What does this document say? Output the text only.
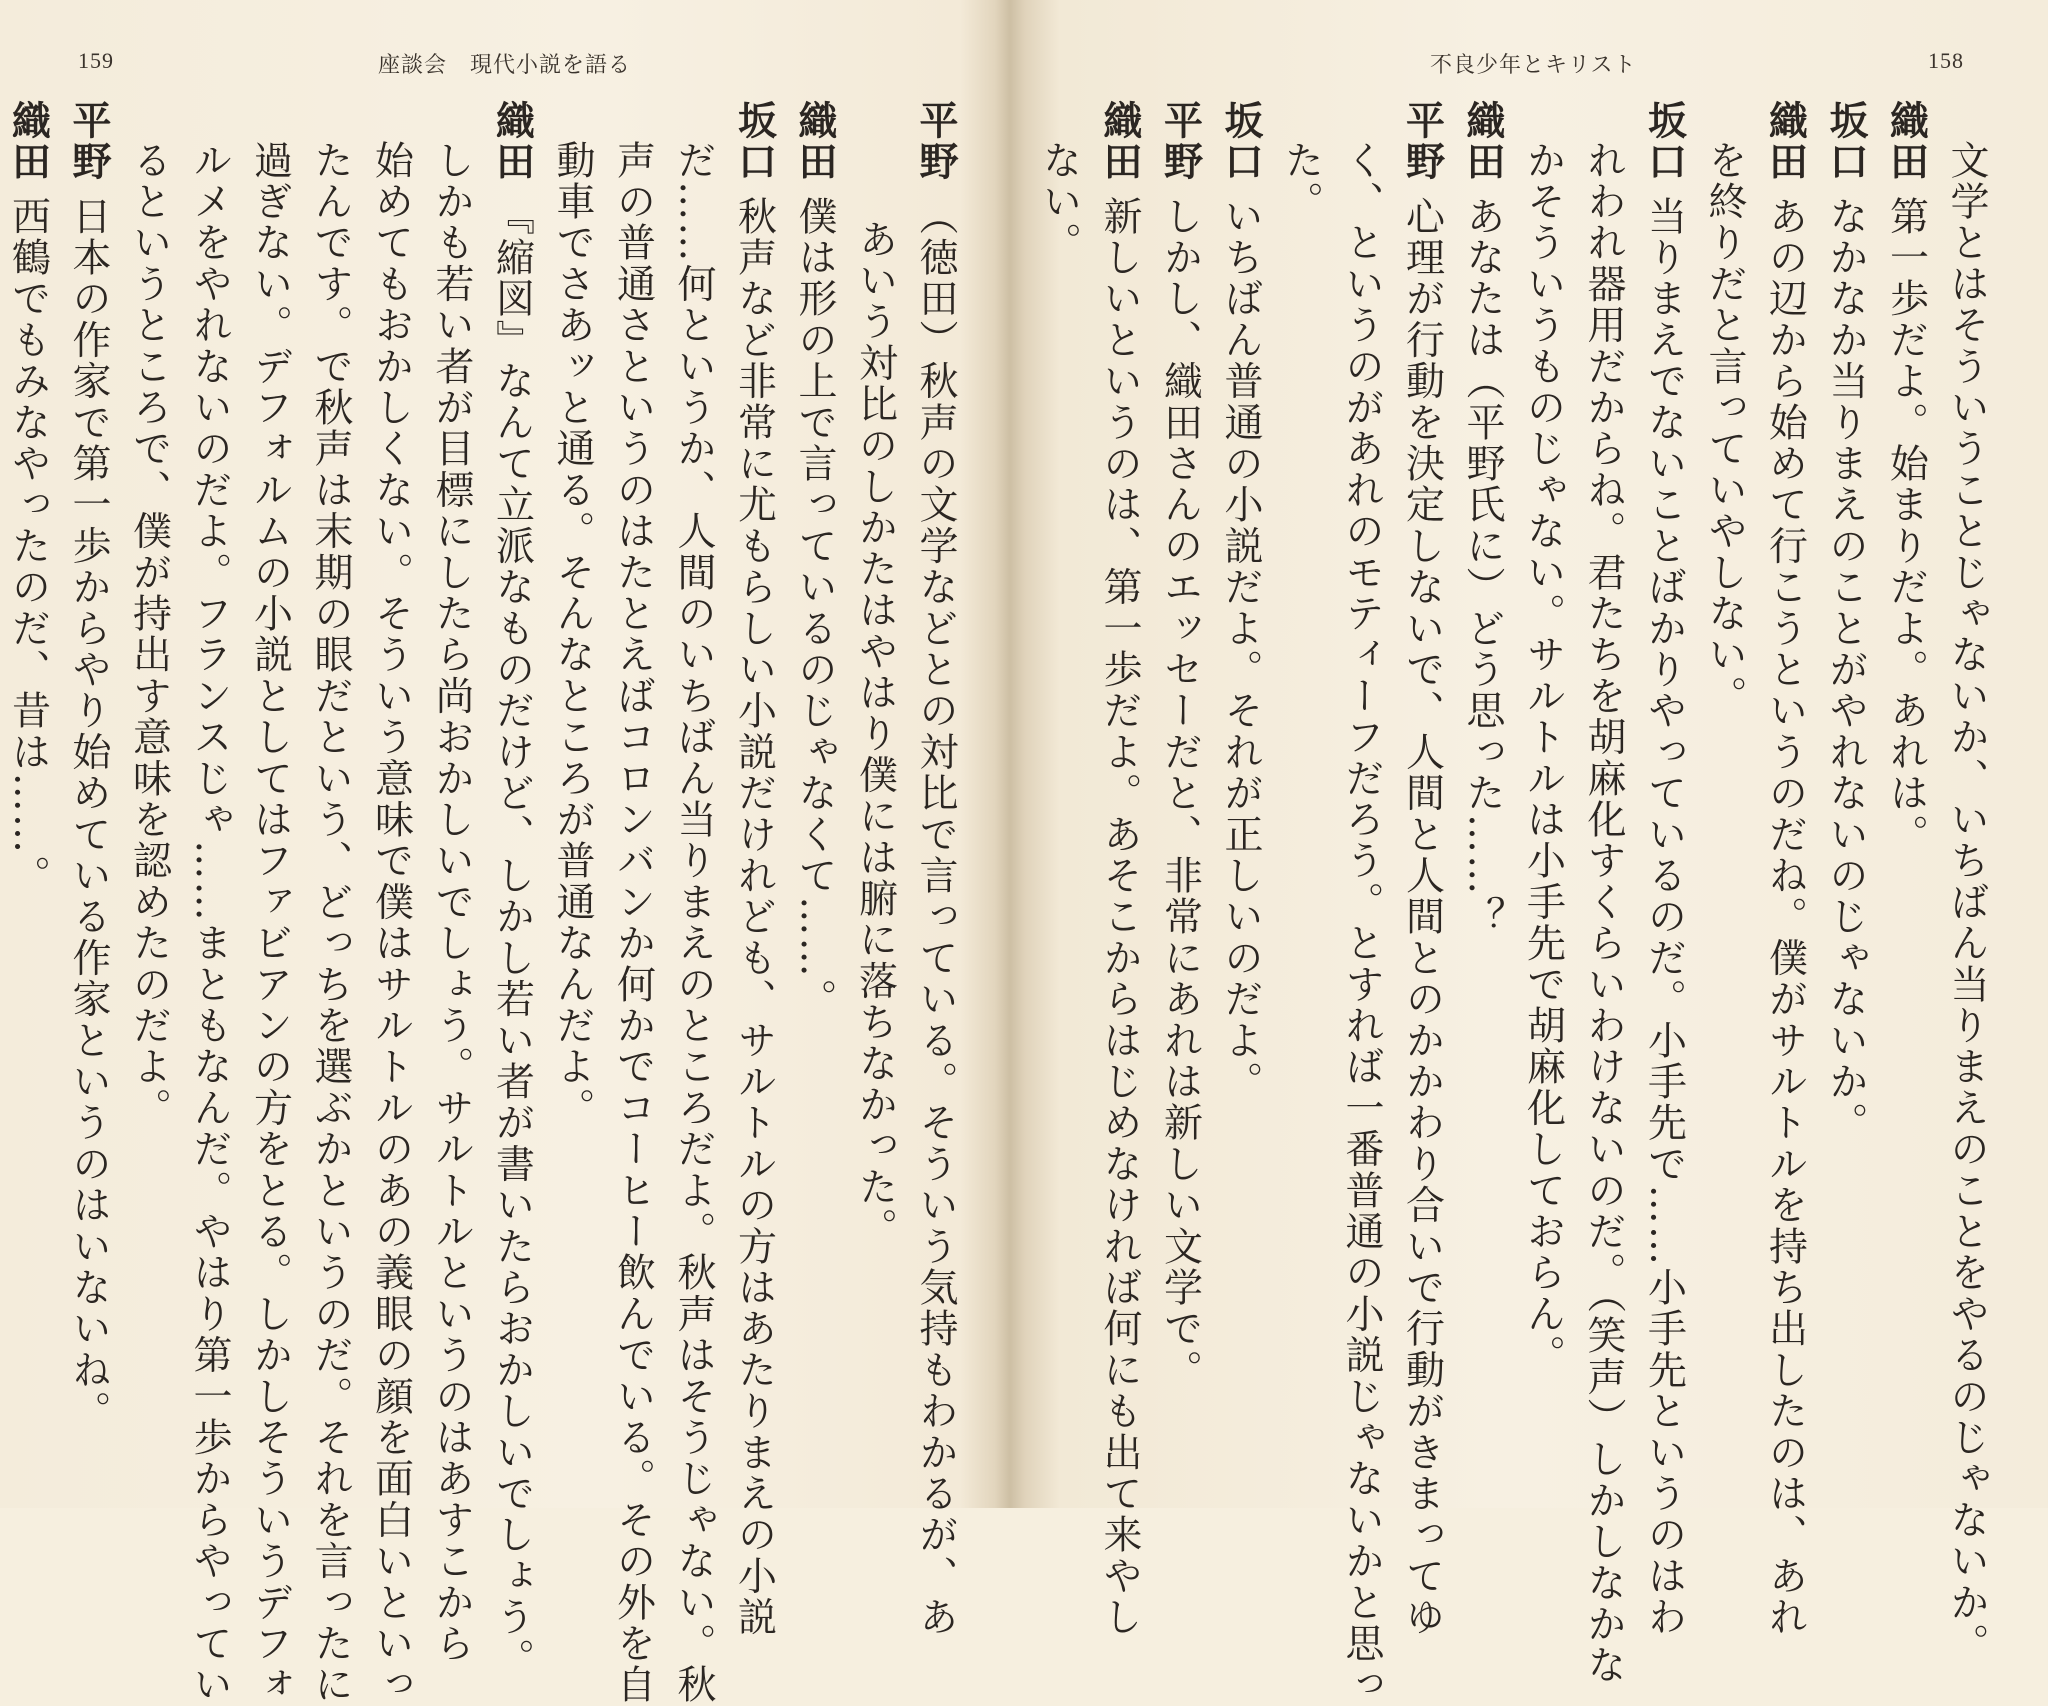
159	座談会　現代小説を語る
平野（徳田）秋声の文学などとの対比で言っている。そういう気持もわかるが、あ
あいう対比のしかたはやはり僕には腑に落ちなかった。
織田僕は形の上で言っているのじゃなくて……。
坂口秋声など非常に尤もらしい小説だけれども、サルトルの方はあたりまえの小説
だ……何というか、人間のいちばん当りまえのところだよ。秋声はそうじゃない。秋
声の普通さというのはたとえばコロンバンか何かでコーヒー飲んでいる。その外を自
動車でさあッと通る。そんなところが普通なんだよ。
織田『縮図』なんて立派なものだけど、しかし若い者が書いたらおかしいでしょう。
しかも若い者が目標にしたら尚おかしいでしょう。サルトルというのはあすこから
始めてもおかしくない。そういう意味で僕はサルトルのあの義眼の顔を面白いといっ
たんです。で秋声は末期の眼だという、どっちを選ぶかというのだ。それを言ったに
過ぎない。デフォルムの小説としてはファビアンの方をとる。しかしそういうデフォ
ルメをやれないのだよ。フランスじゃ……まともなんだ。やはり第一歩からやってい
るというところで、僕が持出す意味を認めたのだよ。
平野日本の作家で第一歩からやり始めている作家というのはいないね。
織田西鶴でもみなやったのだ、昔は……。
不良少年とキリスト	158
文学とはそういうことじゃないか、いちばん当りまえのことをやるのじゃないか。
織田第一歩だよ。始まりだよ。あれは。
坂口なかなか当りまえのことがやれないのじゃないか。
織田あの辺から始めて行こうというのだね。僕がサルトルを持ち出したのは、あれ
を終りだと言っていやしない。
坂口当りまえでないことばかりやっているのだ。小手先で……小手先というのはわ
れわれ器用だからね。君たちを胡麻化すくらいわけないのだ。（笑声）しかしなかな
かそういうものじゃない。サルトルは小手先で胡麻化しておらん。
織田あなたは（平野氏に）どう思った……？
平野心理が行動を決定しないで、人間と人間とのかかわり合いで行動がきまってゆ
く、というのがあれのモティーフだろう。とすれば一番普通の小説じゃないかと思っ
た。
坂口いちばん普通の小説だよ。それが正しいのだよ。
平野しかし、織田さんのエッセーだと、非常にあれは新しい文学で。
織田新しいというのは、第一歩だよ。あそこからはじめなければ何にも出て来やし
ない。
